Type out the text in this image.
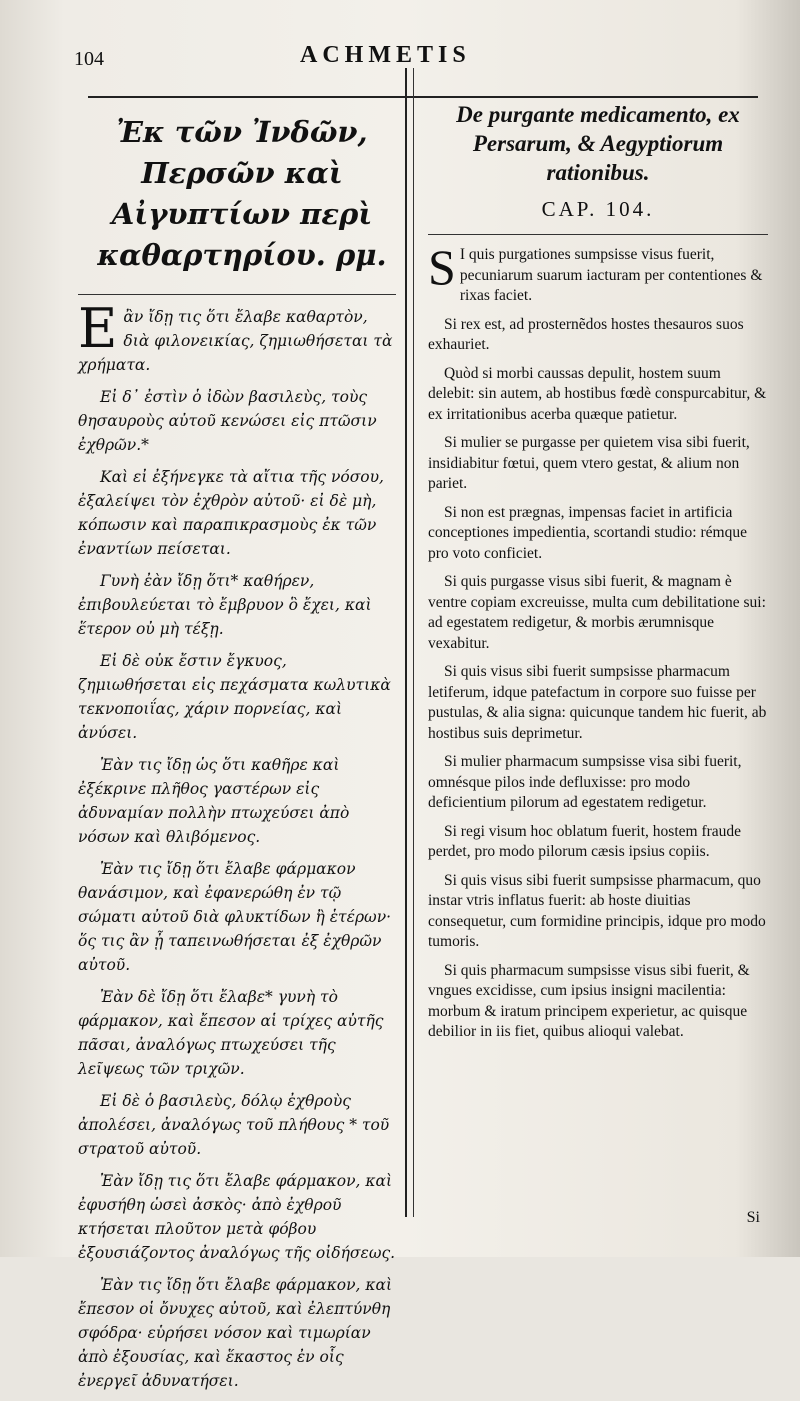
104	ACHMETIS
Ἐκ τῶν Ἰνδῶν, Περσῶν καὶ Αἰγυπτίων περὶ καθαρτηρίου. ρμ.

Ε ἂν ἴδῃ τις ὅτι ἔλαβε καθαρτὸν, διὰ φιλονεικίας, ζημιωθήσεται τὰ χρήματα.

Εἰ δ᾽ ἐστὶν ὁ ἰδὼν βασιλεὺς, τοὺς θησαυροὺς αὐτοῦ κενώσει εἰς πτῶσιν ἐχθρῶν.*

Καὶ εἰ ἐξήνεγκε τὰ αἴτια τῆς νόσου, ἐξαλείψει τὸν ἐχθρὸν αὐτοῦ· εἰ δὲ μὴ, κόπωσιν καὶ παραπικρασμοὺς ἐκ τῶν ἐναντίων πείσεται.

Γυνὴ ἐὰν ἴδῃ ὅτι* καθήρεν, ἐπιβουλεύεται τὸ ἔμβρυον ὃ ἔχει, καὶ ἕτερον οὐ μὴ τέξῃ.

Εἰ δὲ οὐκ ἔστιν ἔγκυος, ζημιωθήσεται εἰς πεχάσματα κωλυτικὰ τεκνοποιΐας, χάριν πορνείας, καὶ ἀνύσει.

Ἐὰν τις ἴδῃ ὡς ὅτι καθῆρε καὶ ἐξέκρινε πλῆθος γαστέρων εἰς ἀδυναμίαν πολλὴν πτωχεύσει ἀπὸ νόσων καὶ θλιβόμενος.

Ἐὰν τις ἴδῃ ὅτι ἔλαβε φάρμακον θανάσιμον, καὶ ἐφανερώθη ἐν τῷ σώματι αὐτοῦ διὰ φλυκτίδων ἢ ἑτέρων· ὅς τις ἂν ᾖ ταπεινωθήσεται ἐξ ἐχθρῶν αὐτοῦ.

Ἐὰν δὲ ἴδῃ ὅτι ἔλαβε* γυνὴ τὸ φάρμακον, καὶ ἔπεσον αἱ τρίχες αὐτῆς πᾶσαι, ἀναλόγως πτωχεύσει τῆς λεῖψεως τῶν τριχῶν.

Εἰ δὲ ὁ βασιλεὺς, δόλῳ ἐχθροὺς ἀπολέσει, ἀναλόγως τοῦ πλήθους * τοῦ στρατοῦ αὐτοῦ.

Ἐὰν ἴδῃ τις ὅτι ἔλαβε φάρμακον, καὶ ἐφυσήθη ὡσεὶ ἀσκὸς· ἀπὸ ἐχθροῦ κτήσεται πλοῦτον μετὰ φόβου ἐξουσιάζοντος ἀναλόγως τῆς οἰδήσεως.

Ἐὰν τις ἴδῃ ὅτι ἔλαβε φάρμακον, καὶ ἔπεσον οἱ ὄνυχες αὐτοῦ, καὶ ἐλεπτύνθη σφόδρα· εὑρήσει νόσον καὶ τιμωρίαν ἀπὸ ἐξουσίας, καὶ ἕκαστος ἐν οἷς ἐνεργεῖ ἀδυνατήσει.

De purgante medicamento, ex Persarum, & Aegyptiorum rationibus.
CAP. 104.

S I quis purgationes sumpsisse visus fuerit, pecuniarum suarum iacturam per contentiones & rixas faciet.

Si rex est, ad prosternẽdos hostes thesauros suos exhauriet.

Quòd si morbi caussas depulit, hostem suum delebit: sin autem, ab hostibus fœdè conspurcabitur, & ex irritationibus acerba quæque patietur.

Si mulier se purgasse per quietem visa sibi fuerit, insidiabitur fœtui, quem vtero gestat, & alium non pariet.

Si non est prægnas, impensas faciet in artificia conceptiones impedientia, scortandi studio: rémque pro voto conficiet.

Si quis purgasse visus sibi fuerit, & magnam è ventre copiam excreuisse, multa cum debilitatione sui: ad egestatem redigetur, & morbis ærumnisque vexabitur.

Si quis visus sibi fuerit sumpsisse pharmacum letiferum, idque patefactum in corpore suo fuisse per pustulas, & alia signa: quicunque tandem hic fuerit, ab hostibus suis deprimetur.

Si mulier pharmacum sumpsisse visa sibi fuerit, omnésque pilos inde defluxisse: pro modo deficientium pilorum ad egestatem redigetur.

Si regi visum hoc oblatum fuerit, hostem fraude perdet, pro modo pilorum cæsis ipsius copiis.

Si quis visus sibi fuerit sumpsisse pharmacum, quo instar vtris inflatus fuerit: ab hoste diuitias consequetur, cum formidine principis, idque pro modo tumoris.

Si quis pharmacum sumpsisse visus sibi fuerit, & vngues excidisse, cum ipsius insigni macilentia: morbum & iratum principem experietur, ac quisque debilior in iis fiet, quibus alioqui valebat.

Si
